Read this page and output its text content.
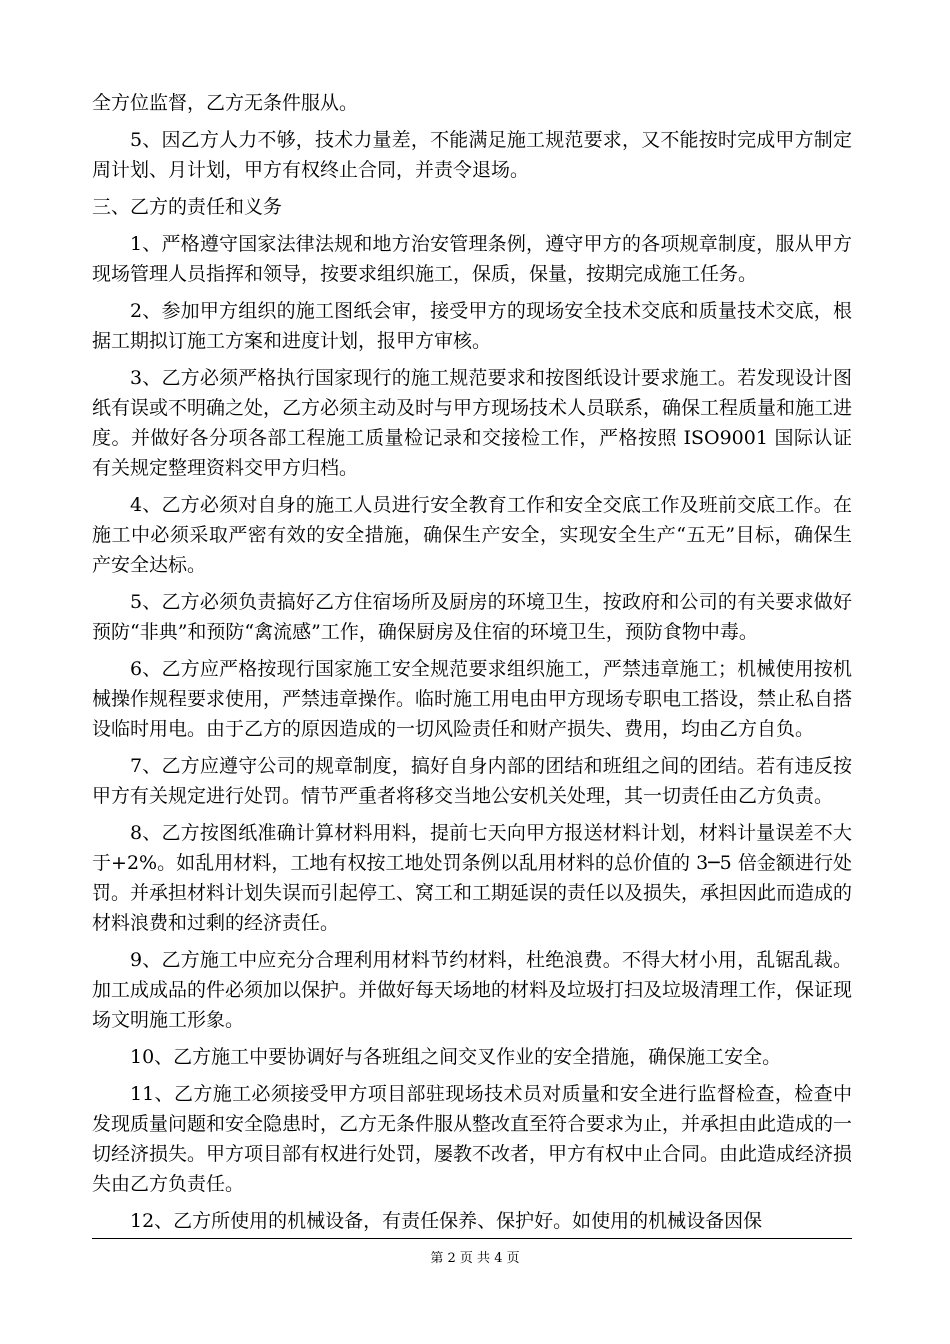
全方位监督，乙方无条件服从。

5、因乙方人力不够，技术力量差，不能满足施工规范要求，又不能按时完成甲方制定周计划、月计划，甲方有权终止合同，并责令退场。

三、乙方的责任和义务

1、严格遵守国家法律法规和地方治安管理条例，遵守甲方的各项规章制度，服从甲方现场管理人员指挥和领导，按要求组织施工，保质，保量，按期完成施工任务。

2、参加甲方组织的施工图纸会审，接受甲方的现场安全技术交底和质量技术交底，根据工期拟订施工方案和进度计划，报甲方审核。

3、乙方必须严格执行国家现行的施工规范要求和按图纸设计要求施工。若发现设计图纸有误或不明确之处，乙方必须主动及时与甲方现场技术人员联系，确保工程质量和施工进度。并做好各分项各部工程施工质量检记录和交接检工作，严格按照 ISO9001 国际认证有关规定整理资料交甲方归档。

4、乙方必须对自身的施工人员进行安全教育工作和安全交底工作及班前交底工作。在施工中必须采取严密有效的安全措施，确保生产安全，实现安全生产“五无”目标，确保生产安全达标。

5、乙方必须负责搞好乙方住宿场所及厨房的环境卫生，按政府和公司的有关要求做好预防“非典”和预防“禽流感”工作，确保厨房及住宿的环境卫生，预防食物中毒。

6、乙方应严格按现行国家施工安全规范要求组织施工，严禁违章施工；机械使用按机械操作规程要求使用，严禁违章操作。临时施工用电由甲方现场专职电工搭设，禁止私自搭设临时用电。由于乙方的原因造成的一切风险责任和财产损失、费用，均由乙方自负。

7、乙方应遵守公司的规章制度，搞好自身内部的团结和班组之间的团结。若有违反按甲方有关规定进行处罚。情节严重者将移交当地公安机关处理，其一切责任由乙方负责。

8、乙方按图纸准确计算材料用料，提前七天向甲方报送材料计划，材料计量误差不大于+2%。如乱用材料，工地有权按工地处罚条例以乱用材料的总价值的 3─5 倍金额进行处罚。并承担材料计划失误而引起停工、窝工和工期延误的责任以及损失，承担因此而造成的材料浪费和过剩的经济责任。

9、乙方施工中应充分合理利用材料节约材料，杜绝浪费。不得大材小用，乱锯乱裁。加工成成品的件必须加以保护。并做好每天场地的材料及垃圾打扫及垃圾清理工作，保证现场文明施工形象。

10、乙方施工中要协调好与各班组之间交叉作业的安全措施，确保施工安全。

11、乙方施工必须接受甲方项目部驻现场技术员对质量和安全进行监督检查，检查中发现质量问题和安全隐患时，乙方无条件服从整改直至符合要求为止，并承担由此造成的一切经济损失。甲方项目部有权进行处罚，屡教不改者，甲方有权中止合同。由此造成经济损失由乙方负责任。

12、乙方所使用的机械设备，有责任保养、保护好。如使用的机械设备因保

第 2 页 共 4 页
